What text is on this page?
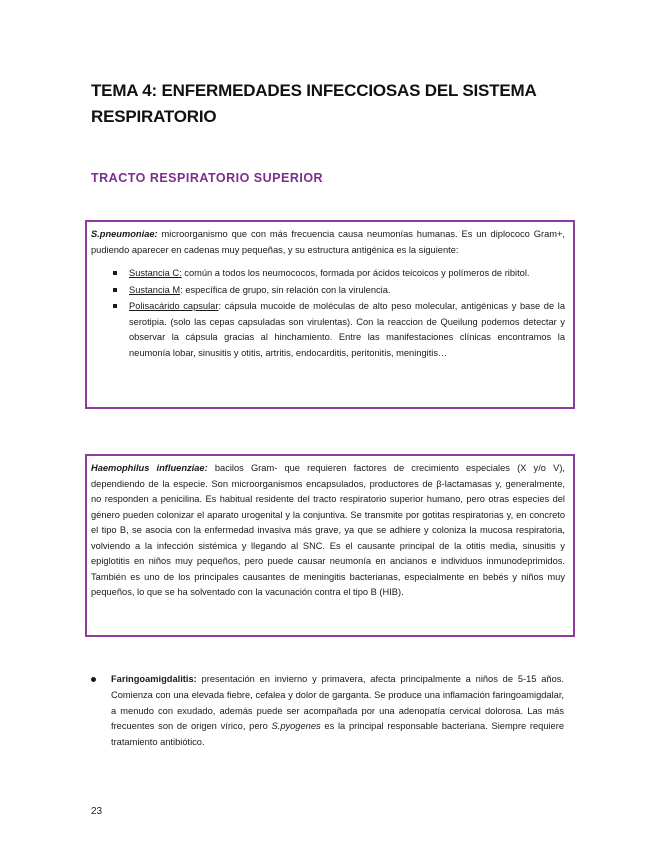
TEMA 4: ENFERMEDADES INFECCIOSAS DEL SISTEMA RESPIRATORIO
TRACTO RESPIRATORIO SUPERIOR

S.pneumoniae: microorganismo que con más frecuencia causa neumonías humanas. Es un diplococo Gram+, pudiendo aparecer en cadenas muy pequeñas, y su estructura antigénica es la siguiente:

Sustancia C: común a todos los neumococos, formada por ácidos teicoicos y polímeros de ribitol.
Sustancia M: específica de grupo, sin relación con la virulencia.
Polisacárido capsular: cápsula mucoide de moléculas de alto peso molecular, antigénicas y base de la serotipia. (solo las cepas capsuladas son virulentas). Con la reaccion de Queilung podemos detectar y observar la cápsula gracias al hinchamiento. Entre las manifestaciones clínicas encontramos la neumonía lobar, sinusitis y otitis, artritis, endocarditis, peritonitis, meningitis…

Haemophilus influenziae: bacilos Gram- que requieren factores de crecimiento especiales (X y/o V), dependiendo de la especie. Son microorganismos encapsulados, productores de β-lactamasas y, generalmente, no responden a penicilina. Es habitual residente del tracto respiratorio superior humano, pero otras especies del género pueden colonizar el aparato urogenital y la conjuntiva. Se transmite por gotitas respiratorias y, en concreto el tipo B, se asocia con la enfermedad invasiva más grave, ya que se adhiere y coloniza la mucosa respiratoria, volviendo a la infección sistémica y llegando al SNC. Es el causante principal de la otitis media, sinusitis y epiglotitis en niños muy pequeños, pero puede causar neumonía en ancianos e individuos inmunodeprimidos. También es uno de los principales causantes de meningitis bacterianas, especialmente en bebés y niños muy pequeños, lo que se ha solventado con la vacunación contra el tipo B (HIB).

Faringoamigdalitis: presentación en invierno y primavera, afecta principalmente a niños de 5-15 años. Comienza con una elevada fiebre, cefalea y dolor de garganta. Se produce una inflamación faringoamigdalar, a menudo con exudado, además puede ser acompañada por una adenopatía cervical dolorosa. Las más frecuentes son de origen vírico, pero S.pyogenes es la principal responsable bacteriana. Siempre requiere tratamiento antibiótico.

23
